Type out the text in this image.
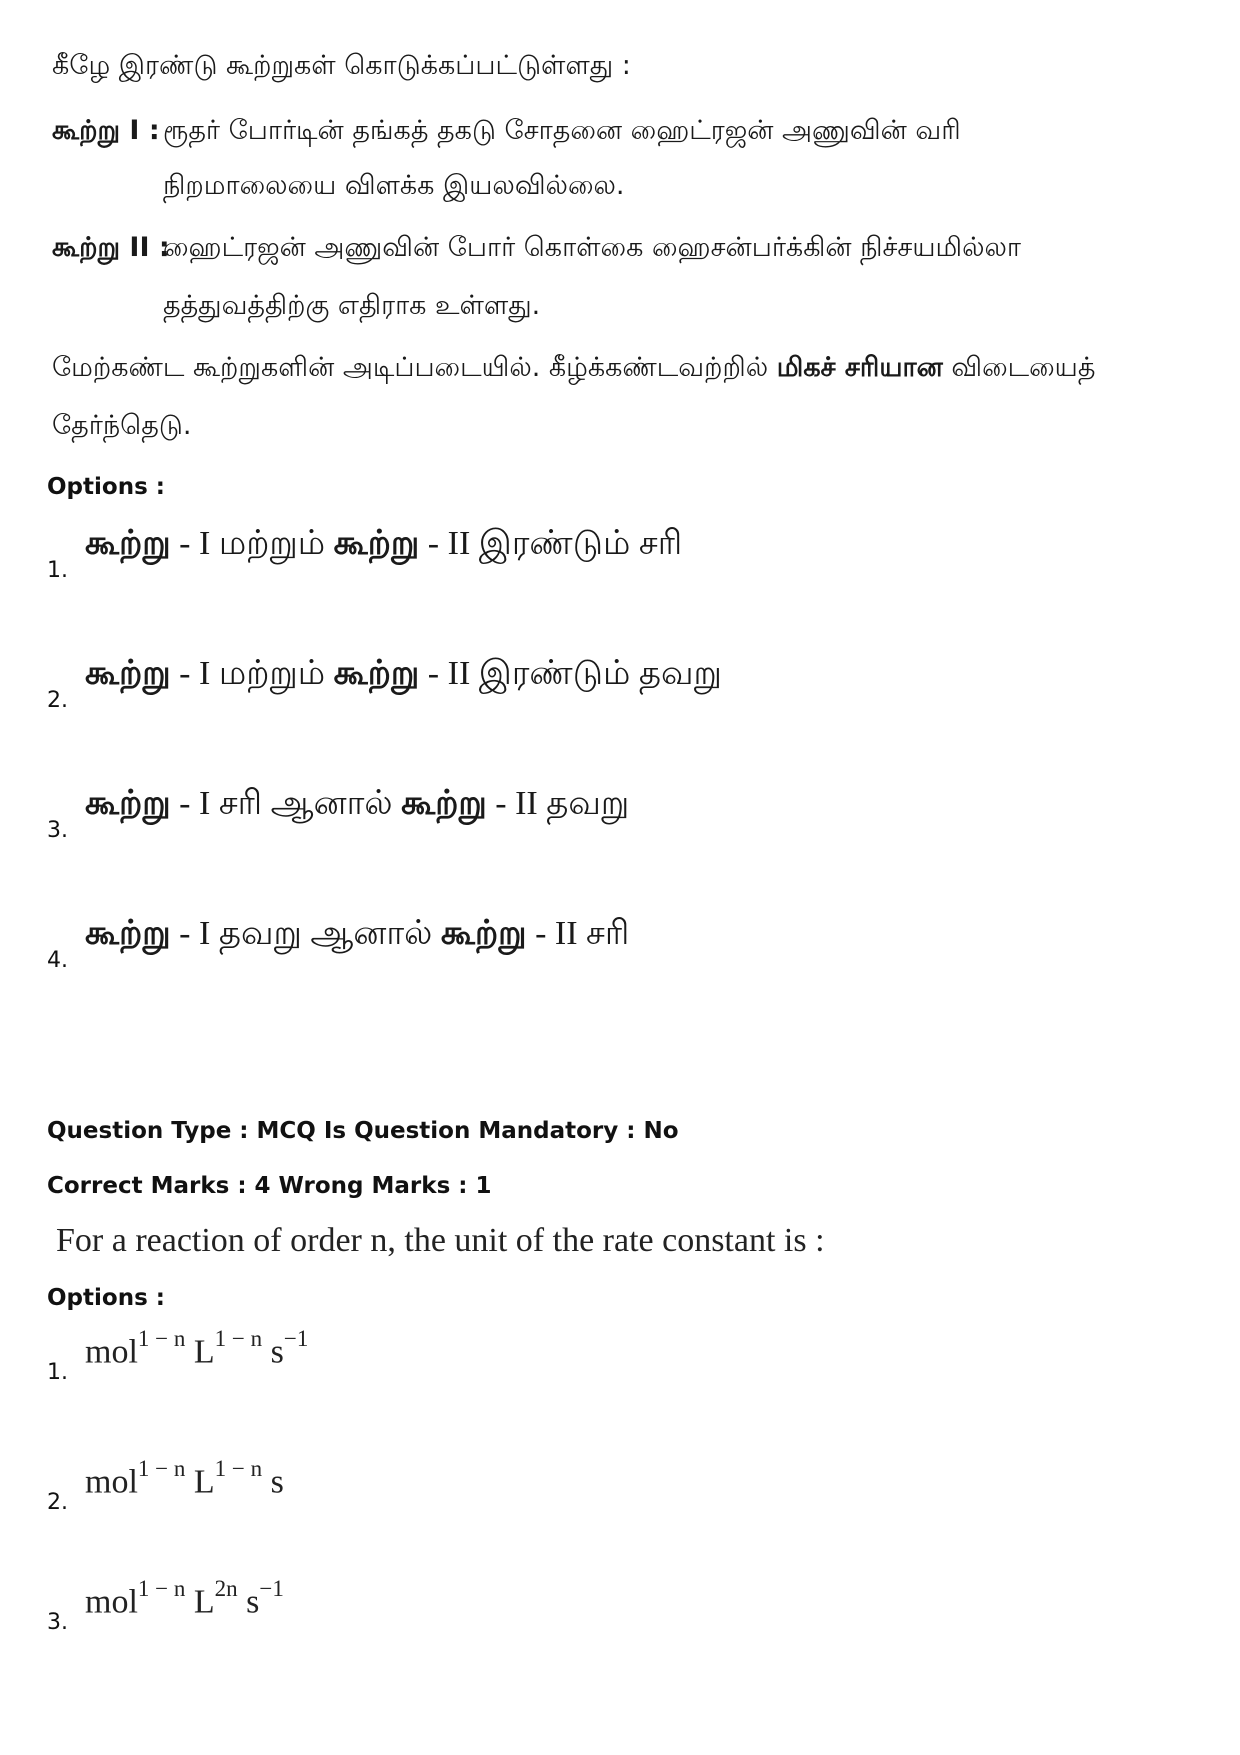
கீழே இரண்டு கூற்றுகள் கொடுக்கப்பட்டுள்ளது :
கூற்று I : ரூதர் போர்டின் தங்கத் தகடு சோதனை ஹைட்ரஜன் அணுவின் வரி
நிறமாலையை விளக்க இயலவில்லை.
கூற்று II :
ஹைட்ரஜன் அணுவின் போர் கொள்கை ஹைசன்பர்க்கின் நிச்சயமில்லா
தத்துவத்திற்கு எதிராக உள்ளது.
மேற்கண்ட கூற்றுகளின் அடிப்படையில். கீழ்க்கண்டவற்றில் மிகச் சரியான விடையைத்
தேர்ந்தெடு.
Options :
1.
கூற்று - I மற்றும் கூற்று - II இரண்டும் சரி
2.
கூற்று - I மற்றும் கூற்று - II இரண்டும் தவறு
3.
கூற்று - I சரி ஆனால் கூற்று - II தவறு
4.
கூற்று - I தவறு ஆனால் கூற்று - II சரி
Question Type : MCQ Is Question Mandatory : No
Correct Marks : 4 Wrong Marks : 1
For a reaction of order n, the unit of the rate constant is :
Options :
1.
mol$^{1 - n}$ $L^{1 - n}$ $s^{-1}$
2.
mol$^{1 - n}$ $L^{1 - n}$ s
3.
mol$^{1 - n}$ $L^{2n}$ $s^{-1}$
